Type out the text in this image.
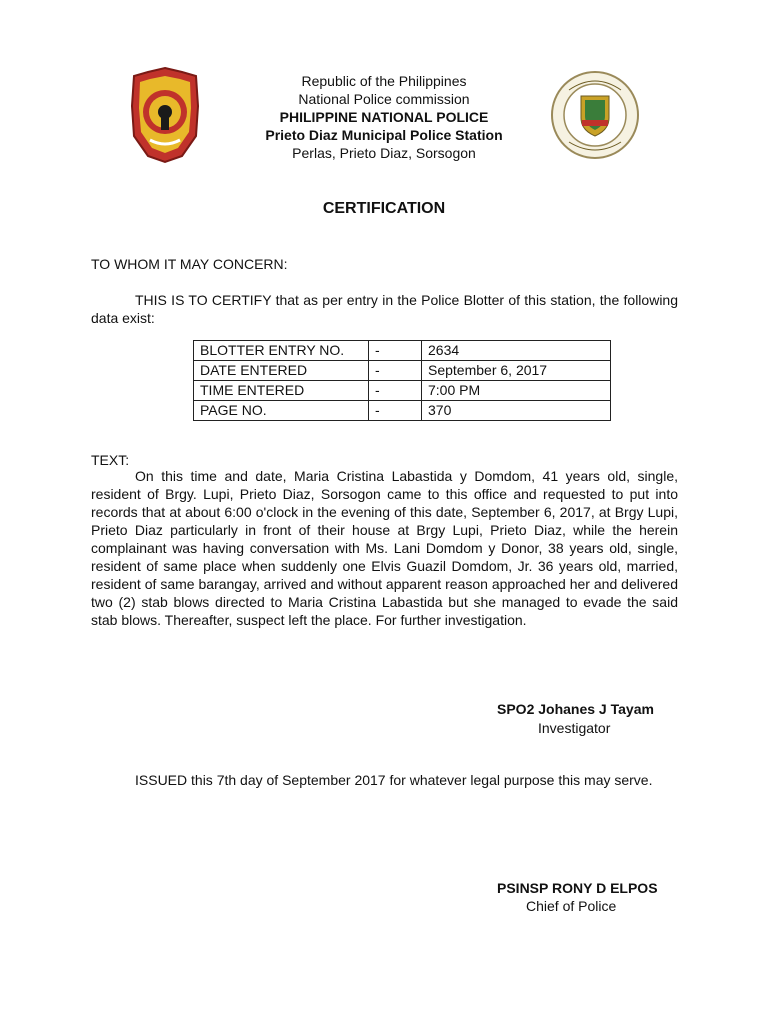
Republic of the Philippines
National Police commission
PHILIPPINE NATIONAL POLICE
Prieto Diaz Municipal Police Station
Perlas, Prieto Diaz, Sorsogon
CERTIFICATION
TO WHOM IT MAY CONCERN:
THIS IS TO CERTIFY that as per entry in the Police Blotter of this station, the following data exist:
BLOTTER ENTRY NO.	-	2634
DATE ENTERED	-	September 6, 2017
TIME ENTERED	-	7:00 PM
PAGE NO.	-	370
TEXT:
On this time and date, Maria Cristina Labastida y Domdom, 41 years old, single, resident of Brgy. Lupi, Prieto Diaz, Sorsogon came to this office and requested to put into records that at about 6:00 o'clock in the evening of this date, September 6, 2017, at Brgy Lupi, Prieto Diaz particularly in front of their house at Brgy Lupi, Prieto Diaz, while the herein complainant was having conversation with Ms. Lani Domdom y Donor, 38 years old, single, resident of same place when suddenly one Elvis Guazil Domdom, Jr. 36 years old, married, resident of same barangay, arrived and without apparent reason approached her and delivered two (2) stab blows directed to Maria Cristina Labastida but she managed to evade the said stab blows. Thereafter, suspect left the place. For further investigation.
SPO2 Johanes J Tayam
Investigator
ISSUED this 7th day of September 2017 for whatever legal purpose this may serve.
PSINSP RONY D ELPOS
Chief of Police
